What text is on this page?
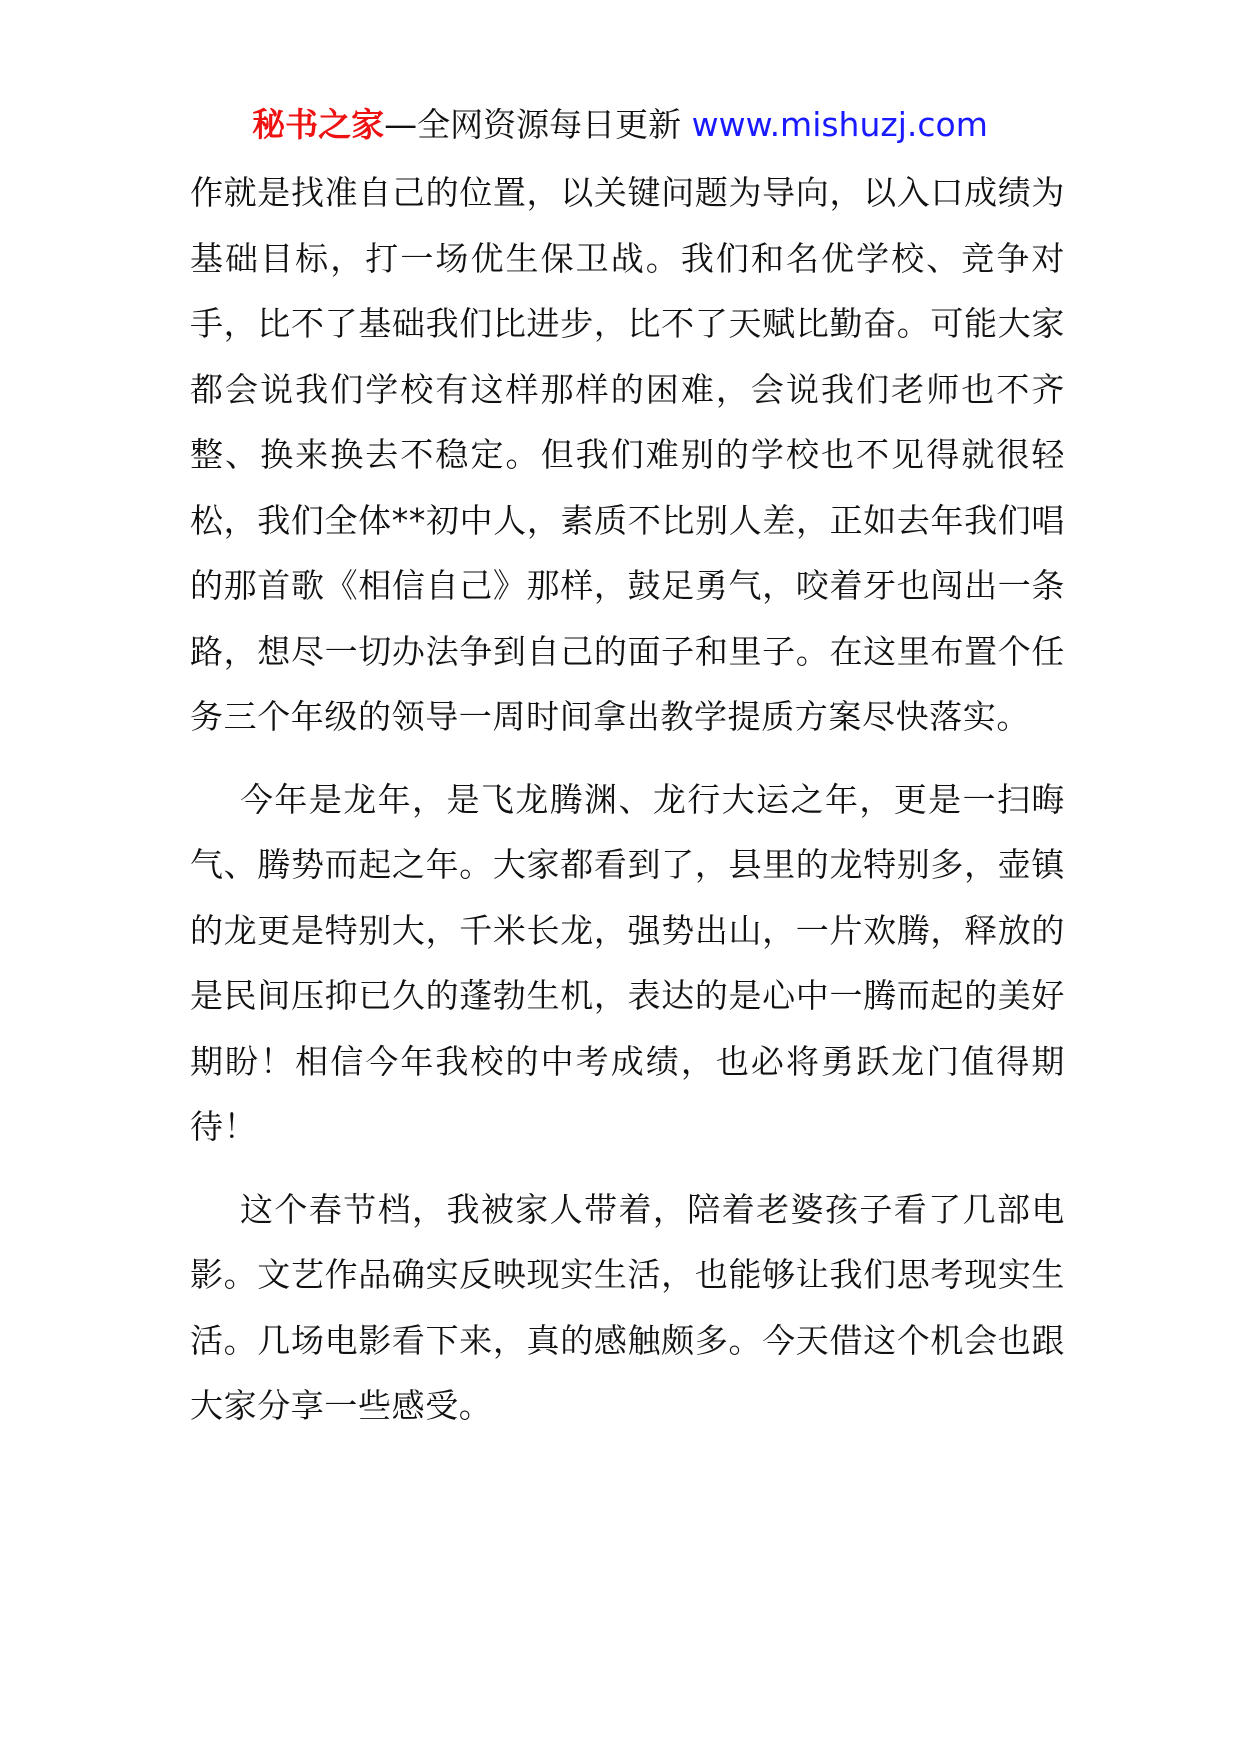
秘书之家—全网资源每日更新 www.mishuzj.com

作就是找准自己的位置，以关键问题为导向，以入口成绩为基础目标，打一场优生保卫战。我们和名优学校、竞争对手，比不了基础我们比进步，比不了天赋比勤奋。可能大家都会说我们学校有这样那样的困难，会说我们老师也不齐整、换来换去不稳定。但我们难别的学校也不见得就很轻松，我们全体**初中人，素质不比别人差，正如去年我们唱的那首歌《相信自己》那样，鼓足勇气，咬着牙也闯出一条路，想尽一切办法争到自己的面子和里子。在这里布置个任务三个年级的领导一周时间拿出教学提质方案尽快落实。

今年是龙年，是飞龙腾渊、龙行大运之年，更是一扫晦气、腾势而起之年。大家都看到了，县里的龙特别多，壶镇的龙更是特别大，千米长龙，强势出山，一片欢腾，释放的是民间压抑已久的蓬勃生机，表达的是心中一腾而起的美好期盼！相信今年我校的中考成绩，也必将勇跃龙门值得期待！

这个春节档，我被家人带着，陪着老婆孩子看了几部电影。文艺作品确实反映现实生活，也能够让我们思考现实生活。几场电影看下来，真的感触颇多。今天借这个机会也跟大家分享一些感受。
